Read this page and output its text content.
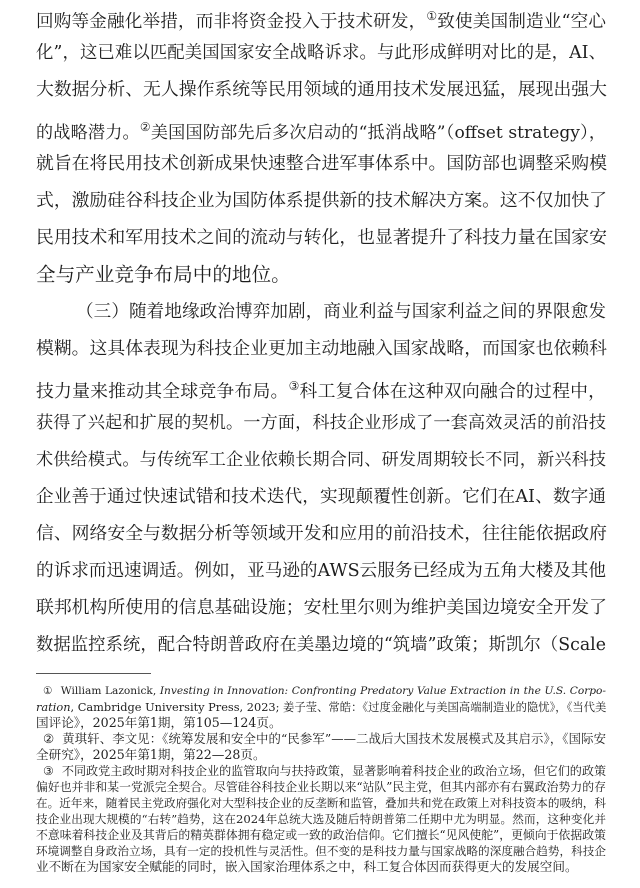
回购等金融化举措，而非将资金投入于技术研发，①致使美国制造业“空心
化”，这已难以匹配美国国家安全战略诉求。与此形成鲜明对比的是，AI、
大数据分析、无人操作系统等民用领域的通用技术发展迅猛，展现出强大
的战略潜力。②美国国防部先后多次启动的“抵消战略”（offset strategy），
就旨在将民用技术创新成果快速整合进军事体系中。国防部也调整采购模
式，激励硅谷科技企业为国防体系提供新的技术解决方案。这不仅加快了
民用技术和军用技术之间的流动与转化，也显著提升了科技力量在国家安
全与产业竞争布局中的地位。
（三）随着地缘政治博弈加剧，商业利益与国家利益之间的界限愈发
模糊。这具体表现为科技企业更加主动地融入国家战略，而国家也依赖科
技力量来推动其全球竞争布局。③科工复合体在这种双向融合的过程中，
获得了兴起和扩展的契机。一方面，科技企业形成了一套高效灵活的前沿技
术供给模式。与传统军工企业依赖长期合同、研发周期较长不同，新兴科技
企业善于通过快速试错和技术迭代，实现颠覆性创新。它们在AI、数字通
信、网络安全与数据分析等领域开发和应用的前沿技术，往往能依据政府
的诉求而迅速调适。例如，亚马逊的AWS云服务已经成为五角大楼及其他
联邦机构所使用的信息基础设施；安杜里尔则为维护美国边境安全开发了
数据监控系统，配合特朗普政府在美墨边境的“筑墙”政策；斯凯尔（Scale
① William Lazonick, Investing in Innovation: Confronting Predatory Value Extraction in the U.S. Corpo-
ration, Cambridge University Press, 2023; 姜子莹、常皓：《过度金融化与美国高端制造业的隐忧》，《当代美
国评论》，2025年第1期，第105—124页。
② 黄琪轩、李文见：《统筹发展和安全中的“民参军”——二战后大国技术发展模式及其启示》，《国际安
全研究》，2025年第1期，第22—28页。
③ 不同政党主政时期对科技企业的监管取向与扶持政策，显著影响着科技企业的政治立场，但它们的政策
偏好也并非和某一党派完全契合。尽管硅谷科技企业长期以来“站队”民主党，但其内部亦有右翼政治势力的存
在。近年来，随着民主党政府强化对大型科技企业的反垄断和监管，叠加共和党在政策上对科技资本的吸纳，科
技企业出现大规模的“右转”趋势，这在2024年总统大选及随后特朗普第二任期中尤为明显。然而，这种变化并
不意味着科技企业及其背后的精英群体拥有稳定或一致的政治信仰。它们擅长“见风使舵”，更倾向于依据政策
环境调整自身政治立场，具有一定的投机性与灵活性。但不变的是科技力量与国家战略的深度融合趋势，科技企
业不断在为国家安全赋能的同时，嵌入国家治理体系之中，科工复合体因而获得更大的发展空间。
